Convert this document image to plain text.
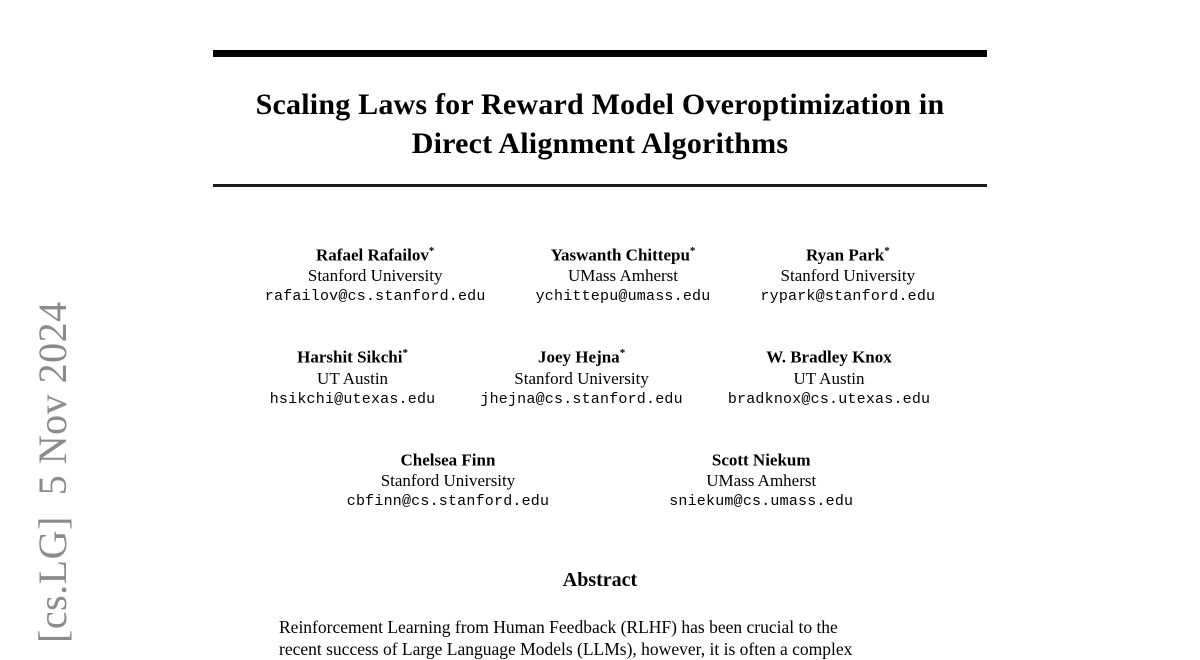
[cs.LG]  5 Nov 2024
Scaling Laws for Reward Model Overoptimization in
Direct Alignment Algorithms
Rafael Rafailov*
Stanford University
rafailov@cs.stanford.edu
Yaswanth Chittepu*
UMass Amherst
ychittepu@umass.edu
Ryan Park*
Stanford University
rypark@stanford.edu
Harshit Sikchi*
UT Austin
hsikchi@utexas.edu
Joey Hejna*
Stanford University
jhejna@cs.stanford.edu
W. Bradley Knox
UT Austin
bradknox@cs.utexas.edu
Chelsea Finn
Stanford University
cbfinn@cs.stanford.edu
Scott Niekum
UMass Amherst
sniekum@cs.umass.edu
Abstract
Reinforcement Learning from Human Feedback (RLHF) has been crucial to the
recent success of Large Language Models (LLMs), however, it is often a complex
